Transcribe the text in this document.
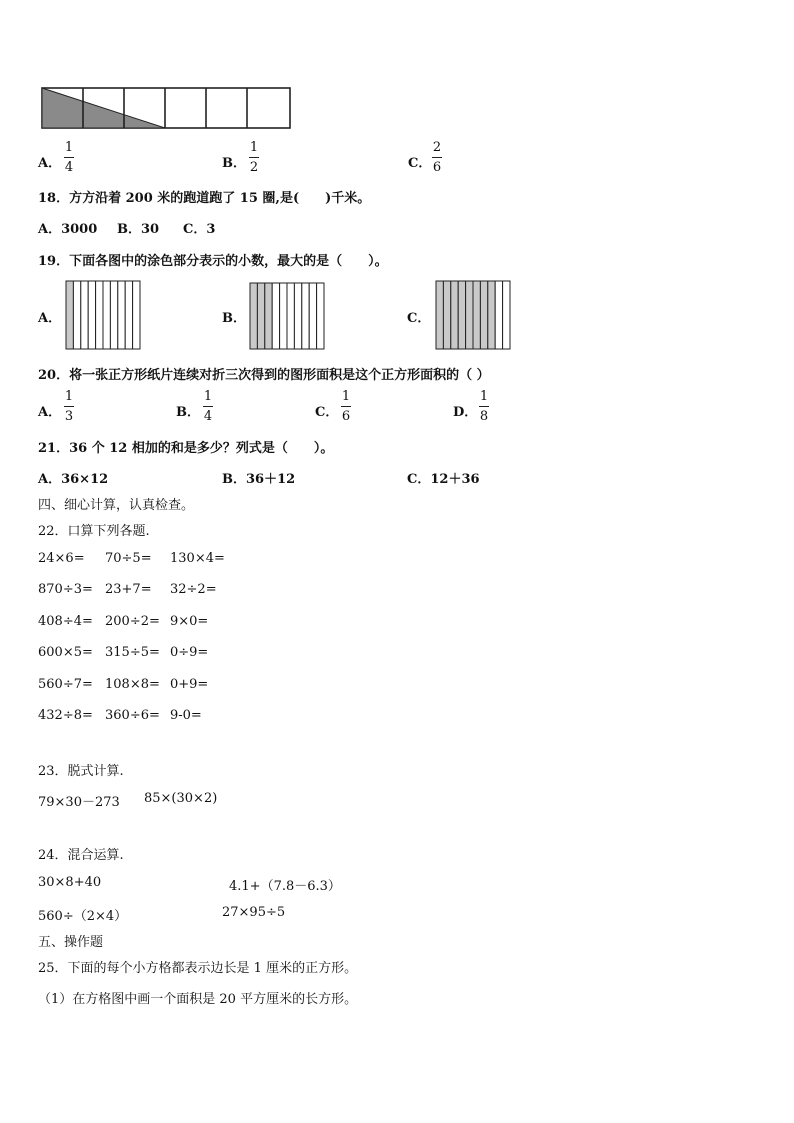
A．
1
4	B．
1
2	C．
2
6
18．方方沿着 200 米的跑道跑了 15 圈,是(　　)千米。
A．3000 B．30 C．3
19．下面各图中的涂色部分表示的小数，最大的是（　　）。
A．	B．	C．
20．将一张正方形纸片连续对折三次得到的图形面积是这个正方形面积的（ ）
A．
1
3	B．
1
4	C．
1
6	D．
1
8
21．36 个 12 相加的和是多少？列式是（　　）。
A．36×12	B．36＋12	C．12＋36
四、细心计算，认真检查。
22．口算下列各题.
24×6= 70÷5= 130×4=
870÷3= 23+7= 32÷2=
408÷4= 200÷2= 9×0=
600×5= 315÷5= 0÷9=
560÷7= 108×8= 0+9=
432÷8= 360÷6= 9-0=
23．脱式计算.
79×30－273 85×(30×2)
24．混合运算.
30×8+40	4.1+（7.8－6.3）
560÷（2×4）	27×95÷5
五、操作题
25．下面的每个小方格都表示边长是 1 厘米的正方形。
（1）在方格图中画一个面积是 20 平方厘米的长方形。
